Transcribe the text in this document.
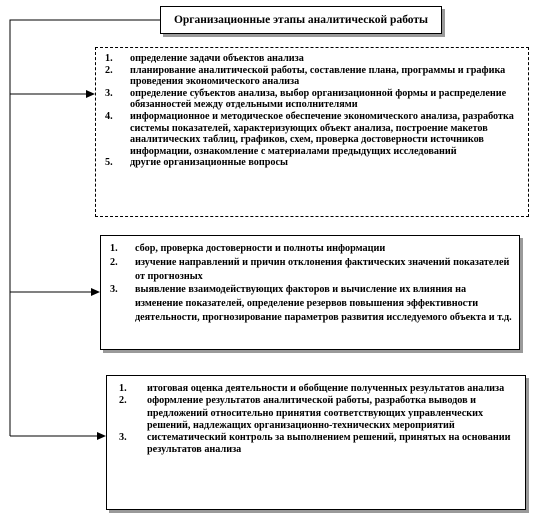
Организационные этапы аналитической работы
1.	определение задачи объектов анализа
2.	планирование аналитической работы, составление плана, программы и графика проведения экономического анализа
3.	определение субъектов анализа, выбор организационной формы и распределение обязанностей между отдельными исполнителями
4.	информационное и методическое обеспечение экономического анализа, разработка системы показателей, характеризующих объект анализа, построение макетов аналитических таблиц, графиков, схем, проверка достоверности источников информации, ознакомление с материалами предыдущих исследований
5.	другие организационные вопросы
1.	сбор, проверка достоверности и полноты информации
2.	изучение направлений и причин отклонения фактических значений показателей от прогнозных
3.	выявление взаимодействующих факторов и вычисление их влияния на изменение показателей, определение резервов повышения эффективности деятельности, прогнозирование параметров развития исследуемого объекта и т.д.
1.	итоговая оценка деятельности и обобщение полученных результатов анализа
2.	оформление результатов аналитической работы, разработка выводов и предложений относительно принятия соответствующих управленческих решений, надлежащих организационно-технических мероприятий
3.	систематический контроль за выполнением решений, принятых на основании результатов анализа
